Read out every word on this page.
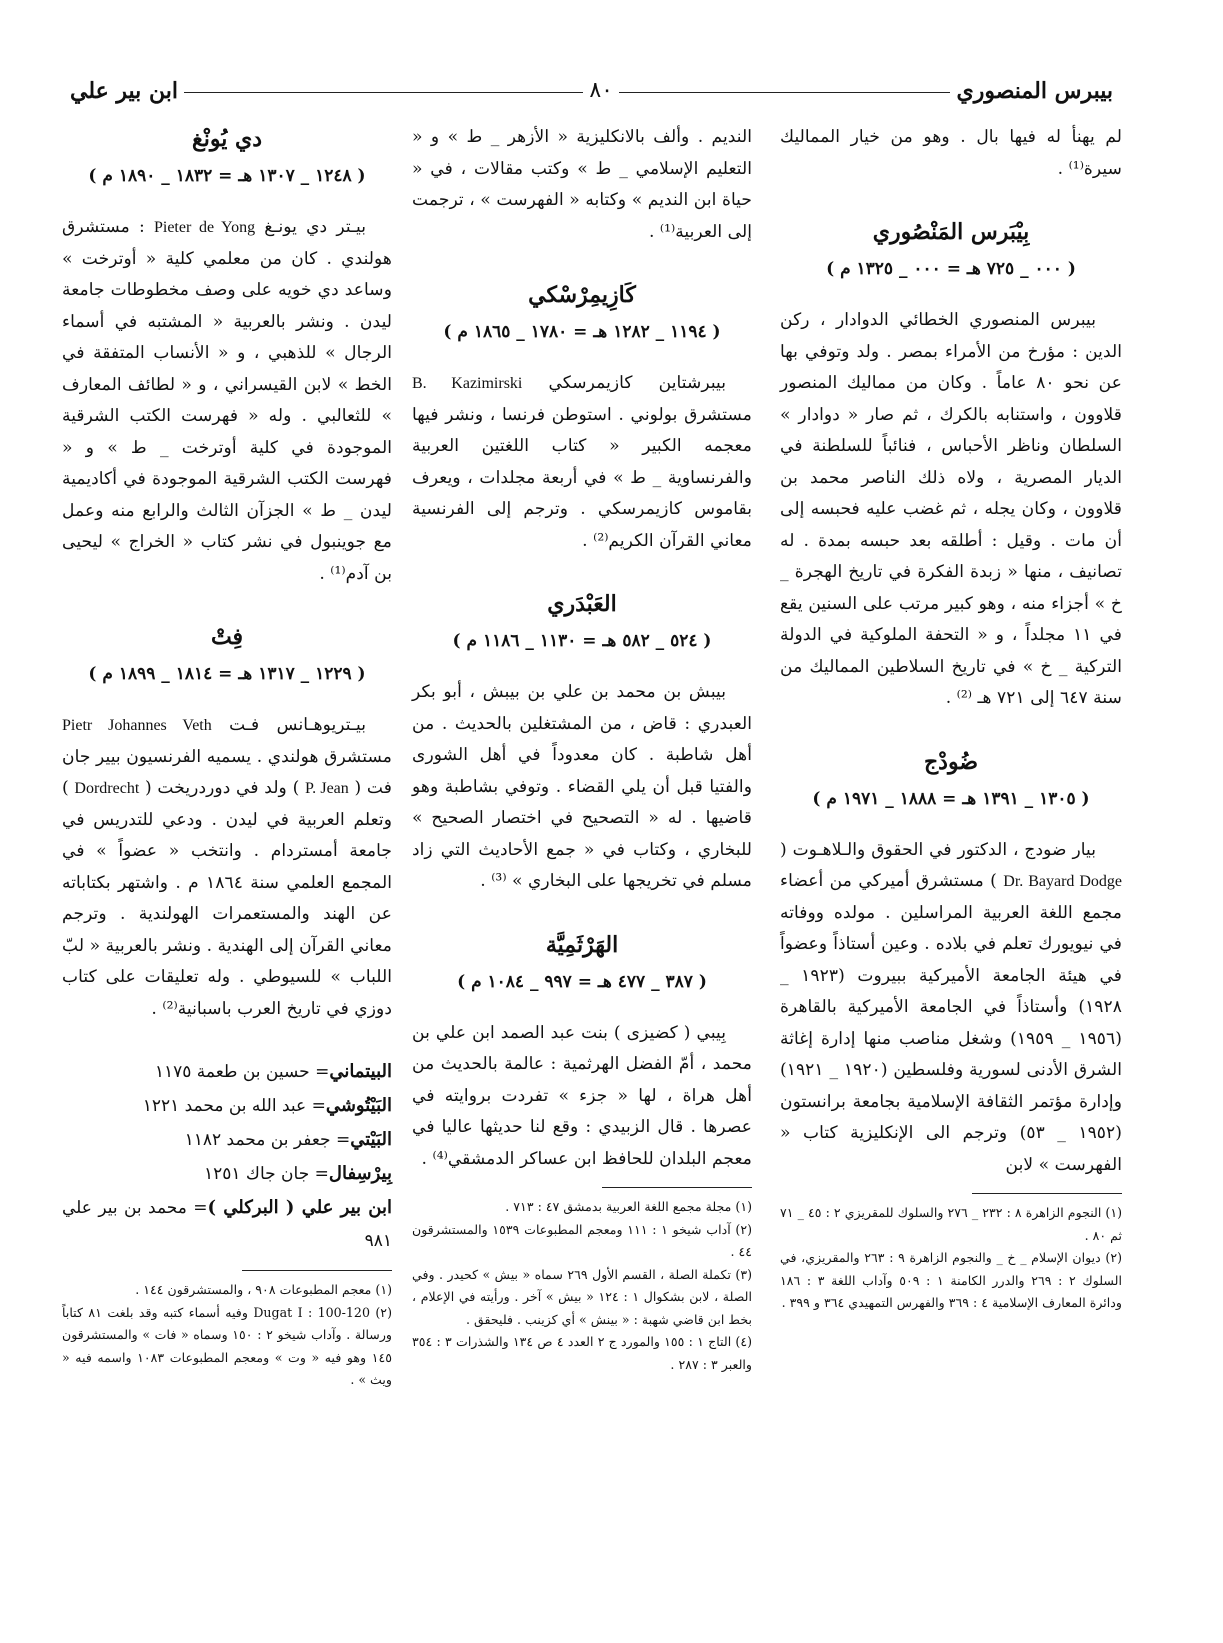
بيبرس المنصوري
٨٠
ابن بير علي

لم يهنأ له فيها بال . وهو من خيار المماليك سيرة⁽¹⁾ .

بِيْبَرس المَنْصُوري
( ٠٠٠ _ ٧٢٥ هـ = ٠٠٠ _ ١٣٢٥ م )

بيبرس المنصوري الخطائي الدوادار ، ركن الدين : مؤرخ من الأمراء بمصر . ولد وتوفي بها عن نحو ٨٠ عاماً . وكان من مماليك المنصور قلاوون ، واستنابه بالكرك ، ثم صار « دوادار » السلطان وناظر الأحباس ، فنائباً للسلطنة في الديار المصرية ، ولاه ذلك الناصر محمد بن قلاوون ، وكان يجله ، ثم غضب عليه فحبسه إلى أن مات . وقيل : أطلقه بعد حبسه بمدة . له تصانيف ، منها « زبدة الفكرة في تاريخ الهجرة _ خ » أجزاء منه ، وهو كبير مرتب على السنين يقع في ١١ مجلداً ، و « التحفة الملوكية في الدولة التركية _ خ » في تاريخ السلاطين المماليك من سنة ٦٤٧ إلى ٧٢١ هـ ⁽²⁾ .

ضُودْج
( ١٣٠٥ _ ١٣٩١ هـ = ١٨٨٨ _ ١٩٧١ م )

بيار ضودج ، الدكتور في الحقوق والـلاهـوت ( Dr. Bayard Dodge ) مستشرق أميركي من أعضاء مجمع اللغة العربية المراسلين . مولده ووفاته في نيويورك تعلم في بلاده . وعين أستاذاً وعضواً في هيئة الجامعة الأميركية ببيروت (١٩٢٣ _ ١٩٢٨) وأستاذاً في الجامعة الأميركية بالقاهرة (١٩٥٦ _ ١٩٥٩) وشغل مناصب منها إدارة إغاثة الشرق الأدنى لسورية وفلسطين (١٩٢٠ _ ١٩٢١) وإدارة مؤتمر الثقافة الإسلامية بجامعة برانستون (١٩٥٢ _ ٥٣) وترجم الى الإنكليزية كتاب « الفهرست » لابن

(١) النجوم الزاهرة ٨ : ٢٣٢ _ ٢٧٦ والسلوك للمقريزي ٢ : ٤٥ _ ٧١ ثم ٨٠ .

(٢) ديوان الإسلام _ خ _ والنجوم الزاهرة ٩ : ٢٦٣ والمقريزي، في السلوك ٢ : ٢٦٩ والدرر الكامنة ١ : ٥٠٩ وآداب اللغة ٣ : ١٨٦ ودائرة المعارف الإسلامية ٤ : ٣٦٩ والفهرس التمهيدي ٣٦٤ و ٣٩٩ .

النديم . وألف بالانكليزية « الأزهر _ ط » و « التعليم الإسلامي _ ط » وكتب مقالات ، في « حياة ابن النديم » وكتابه « الفهرست » ، ترجمت إلى العربية⁽¹⁾ .

كَازِيمِرْسْكي
( ١١٩٤ _ ١٢٨٢ هـ = ١٧٨٠ _ ١٨٦٥ م )

بيبرشتاين كازيمرسكي B. Kazimirski مستشرق بولوني . استوطن فرنسا ، ونشر فيها معجمه الكبير « كتاب اللغتين العربية والفرنساوية _ ط » في أربعة مجلدات ، ويعرف بقاموس كازيمرسكي . وترجم إلى الفرنسية معاني القرآن الكريم⁽²⁾ .

العَبْدَري
( ٥٢٤ _ ٥٨٢ هـ = ١١٣٠ _ ١١٨٦ م )

بيبش بن محمد بن علي بن بيبش ، أبو بكر العبدري : قاض ، من المشتغلين بالحديث . من أهل شاطبة . كان معدوداً في أهل الشورى والفتيا قبل أن يلي القضاء . وتوفي بشاطبة وهو قاضيها . له « التصحيح في اختصار الصحيح » للبخاري ، وكتاب في « جمع الأحاديث التي زاد مسلم في تخريجها على البخاري » ⁽³⁾ .

الهَرْثَمِيَّة
( ٣٨٧ _ ٤٧٧ هـ = ٩٩٧ _ ١٠٨٤ م )

بِيبي ( كضيزى ) بنت عبد الصمد ابن علي بن محمد ، أمّ الفضل الهرثمية : عالمة بالحديث من أهل هراة ، لها « جزء » تفردت بروايته في عصرها . قال الزبيدي : وقع لنا حديثها عاليا في معجم البلدان للحافظ ابن عساكر الدمشقي⁽⁴⁾ .

(١) مجلة مجمع اللغة العربية بدمشق ٤٧ : ٧١٣ .

(٢) آداب شيخو ١ : ١١١ ومعجم المطبوعات ١٥٣٩ والمستشرقون ٤٤ .

(٣) تكملة الصلة ، القسم الأول ٢٦٩ سماه « بيش » كحيدر . وفي الصلة ، لابن بشكوال ١ : ١٢٤ « بيش » آخر . ورأيته في الإعلام ، بخط ابن قاضي شهبة : « بينش » أي كزينب . فليحقق .

(٤) التاج ١ : ١٥٥ والمورد ج ٢ العدد ٤ ص ١٣٤ والشذرات ٣ : ٣٥٤ والعبر ٣ : ٢٨٧ .

دي يُونْغ
( ١٢٤٨ _ ١٣٠٧ هـ = ١٨٣٢ _ ١٨٩٠ م )

بيـتر دي يونـغ Pieter de Yong : مستشرق هولندي . كان من معلمي كلية « أوترخت » وساعد دي خويه على وصف مخطوطات جامعة ليدن . ونشر بالعربية « المشتبه في أسماء الرجال » للذهبي ، و « الأنساب المتفقة في الخط » لابن القيسراني ، و « لطائف المعارف » للثعالبي . وله « فهرست الكتب الشرقية الموجودة في كلية أوترخت _ ط » و « فهرست الكتب الشرقية الموجودة في أكاديمية ليدن _ ط » الجزآن الثالث والرابع منه وعمل مع جوينبول في نشر كتاب « الخراج » ليحيى بن آدم⁽¹⁾ .

فِتْ
( ١٢٢٩ _ ١٣١٧ هـ = ١٨١٤ _ ١٨٩٩ م )

بيـتريوهـانس فـت Pietr Johannes Veth مستشرق هولندي . يسميه الفرنسيون بيير جان فت ( P. Jean ) ولد في دوردريخت ( Dordrecht ) وتعلم العربية في ليدن . ودعي للتدريس في جامعة أمستردام . وانتخب « عضواً » في المجمع العلمي سنة ١٨٦٤ م . واشتهر بكتاباته عن الهند والمستعمرات الهولندية . وترجم معاني القرآن إلى الهندية . ونشر بالعربية « لبّ اللباب » للسيوطي . وله تعليقات على كتاب دوزي في تاريخ العرب باسبانية⁽²⁾ .

البيتماني= حسين بن طعمة ١١٧٥

البَيْتُوشي= عبد الله بن محمد ١٢٢١

البَيْتي= جعفر بن محمد ١١٨٢

بِيرْسِفال= جان جاك ١٢٥١

ابن بير علي ( البركلي )= محمد بن بير علي ٩٨١

(١) معجم المطبوعات ٩٠٨ ، والمستشرقون ١٤٤ .

(٢) Dugat I : 100-120 وفيه أسماء كتبه وقد بلغت ٨١ كتاباً ورسالة . وآداب شيخو ٢ : ١٥٠ وسماه « فات » والمستشرقون ١٤٥ وهو فيه « وت » ومعجم المطبوعات ١٠٨٣ واسمه فيه « ويث » .
